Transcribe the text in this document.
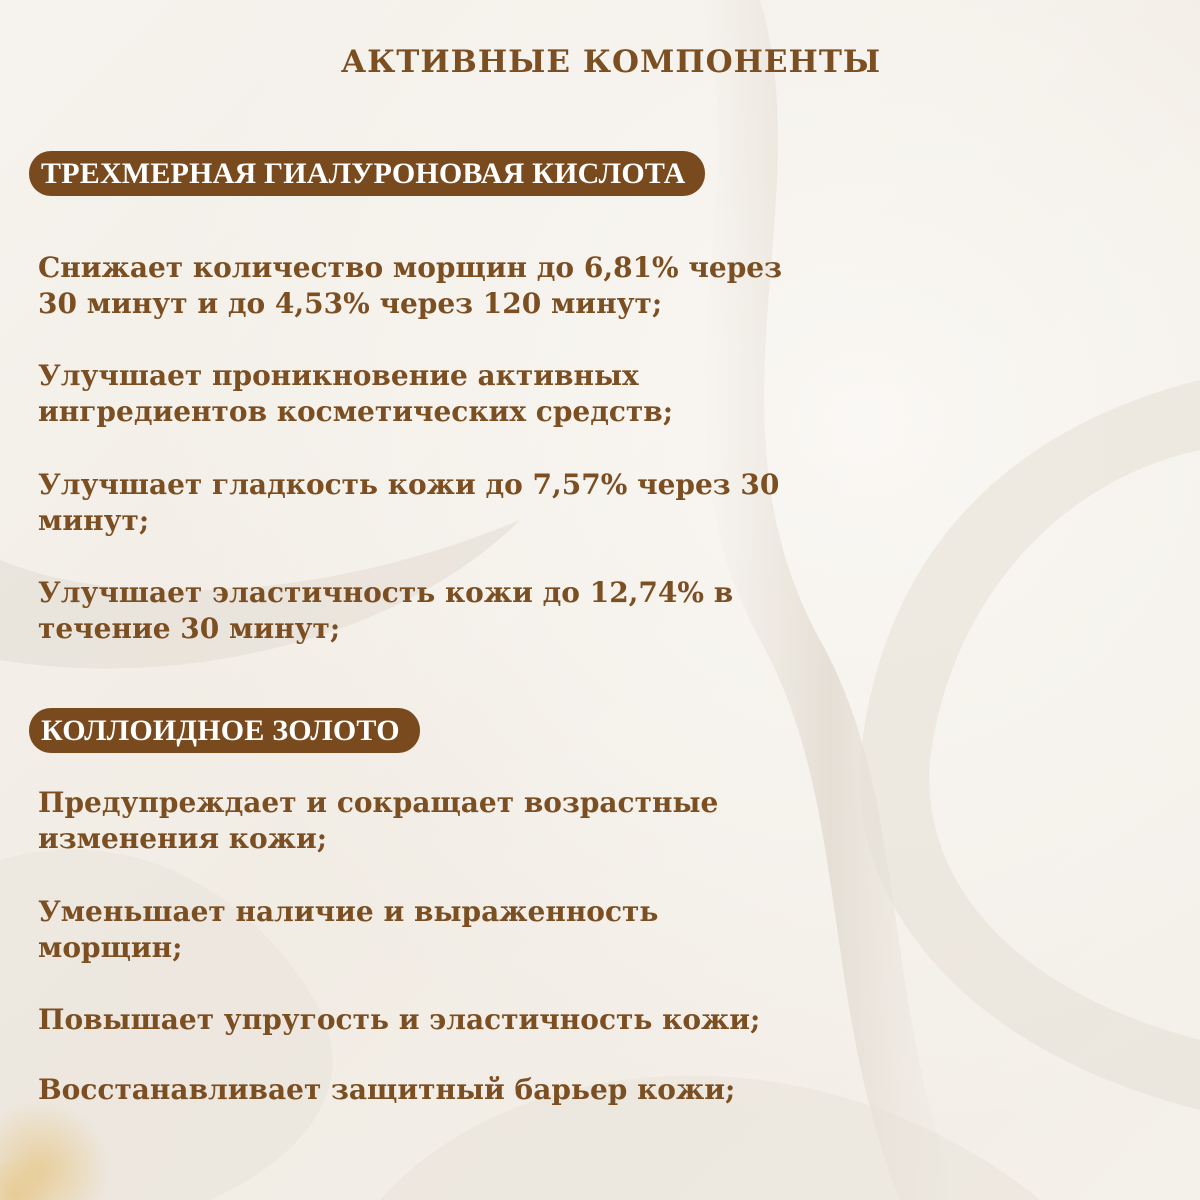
АКТИВНЫЕ КОМПОНЕНТЫ
ТРЕХМЕРНАЯ ГИАЛУРОНОВАЯ КИСЛОТА
Снижает количество морщин до 6,81% через 30 минут и до 4,53% через 120 минут;
Улучшает проникновение активных ингредиентов косметических средств;
Улучшает гладкость кожи до 7,57% через 30 минут;
Улучшает эластичность кожи до 12,74% в течение 30 минут;
КОЛЛОИДНОЕ ЗОЛОТО
Предупреждает и сокращает возрастные изменения кожи;
Уменьшает наличие и выраженность морщин;
Повышает упругость и эластичность кожи;
Восстанавливает защитный барьер кожи;
